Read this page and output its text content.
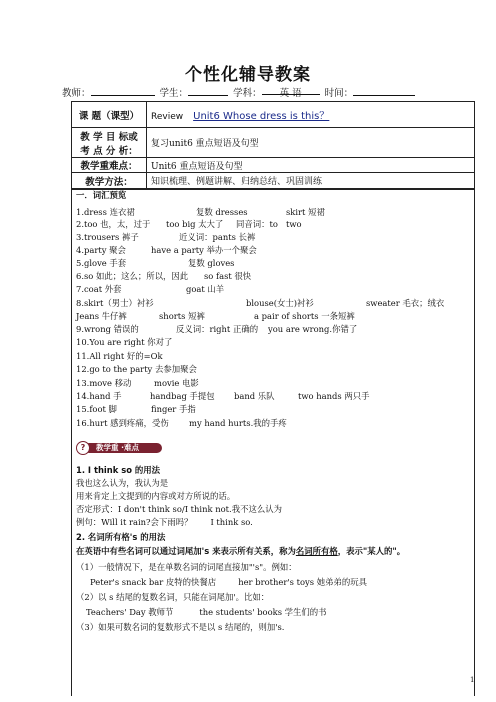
个性化辅导教案
教师：	学生：	学科： 英 语 时间：
课 题（课型）	Review Unit6 Whose dress is this？

教 学 目 标或
考 点 分 析：	复习unit6 重点短语及句型
教学重难点：	Unit6 重点短语及句型
教学方法：	知识梳理、例题讲解、归纳总结、巩固训练
一．词汇预览
1.dress 连衣裙	复数 dresses	skirt 短裙
2.too 也，太，过于 too big 太大了 同音词：to two
3.trousers 裤子	近义词：pants 长裤
4.party 聚会	have a party 举办一个聚会
5.glove 手套	复数 gloves
6.so 如此；这么；所以，因此 so fast 很快
7.coat 外套	goat 山羊
8.skirt（男士）衬衫	blouse(女士)衬衫	sweater 毛衣；绒衣
Jeans 牛仔裤	shorts 短裤	a pair of shorts 一条短裤
9.wrong 错误的	反义词：right 正确的 you are wrong.你错了
10.You are right 你对了
11.All right 好的=Ok
12.go to the party 去参加聚会
13.move 移动	movie 电影
14.hand 手	handbag 手提包 band 乐队	two hands 两只手
15.foot 脚	finger 手指
16.hurt 感到疼痛，受伤 my hand hurts.我的手疼
?	教学重 ·难点
1. I think so 的用法
我也这么认为，我认为是
用来肯定上文提到的内容或对方所说的话。
否定形式：I don't think so/I think not.我不这么认为
例句：Will it rain?会下雨吗？ I think so.
2. 名词所有格's 的用法
在英语中有些名词可以通过词尾加's 来表示所有关系，称为名词所有格，表示"某人的"。
（1）一般情况下，是在单数名词的词尾直接加"'s"。例如：
Peter's snack bar 皮特的快餐店	her brother's toys 她弟弟的玩具
（2）以 s 结尾的复数名词，只能在词尾加'。比如：
Teachers' Day 教师节	the students' books 学生们的书
（3）如果可数名词的复数形式不是以 s 结尾的，则加's.
1
